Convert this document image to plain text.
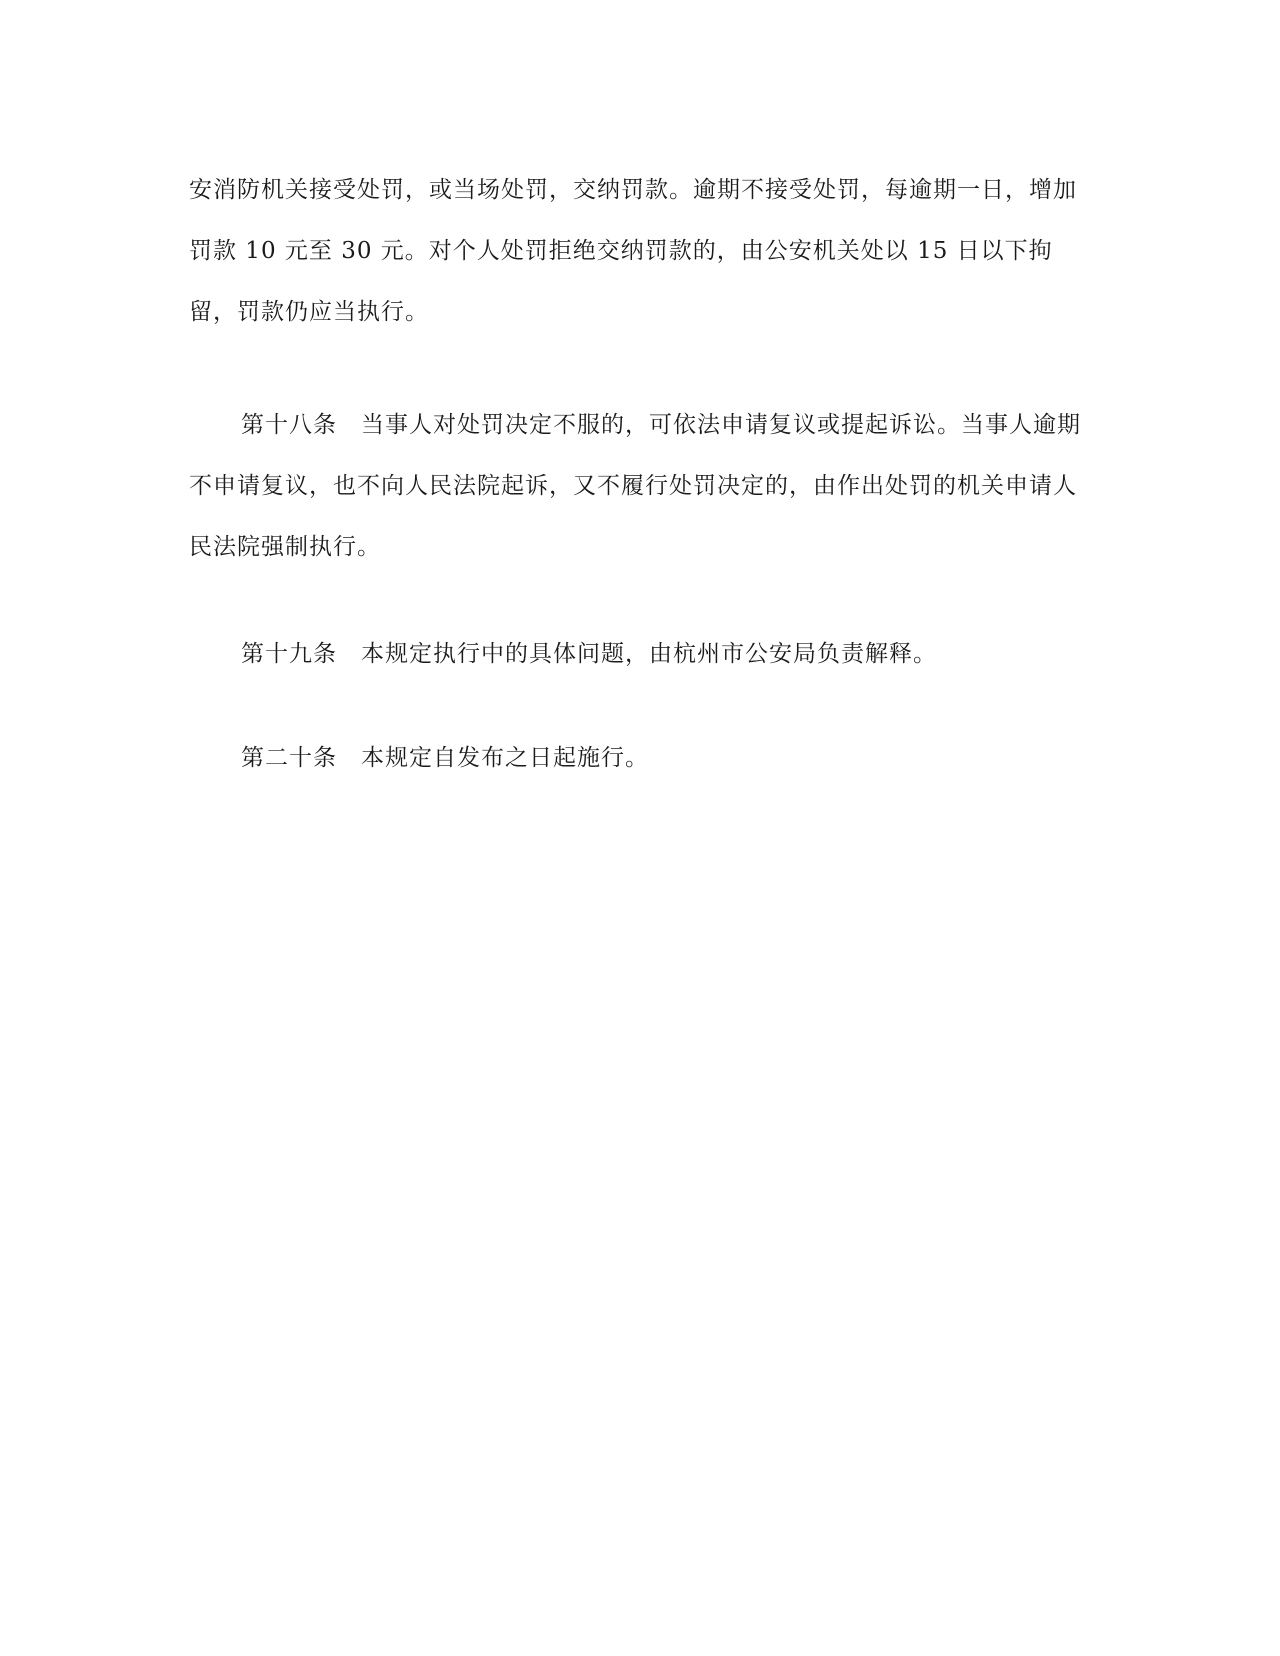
安消防机关接受处罚，或当场处罚，交纳罚款。逾期不接受处罚，每逾期一日，增加罚款 10 元至 30 元。对个人处罚拒绝交纳罚款的，由公安机关处以 15 日以下拘留，罚款仍应当执行。

第十八条　 当事人对处罚决定不服的，可依法申请复议或提起诉讼。当事人逾期不申请复议，也不向人民法院起诉，又不履行处罚决定的，由作出处罚的机关申请人民法院强制执行。

第十九条　 本规定执行中的具体问题，由杭州市公安局负责解释。

第二十条　 本规定自发布之日起施行。
